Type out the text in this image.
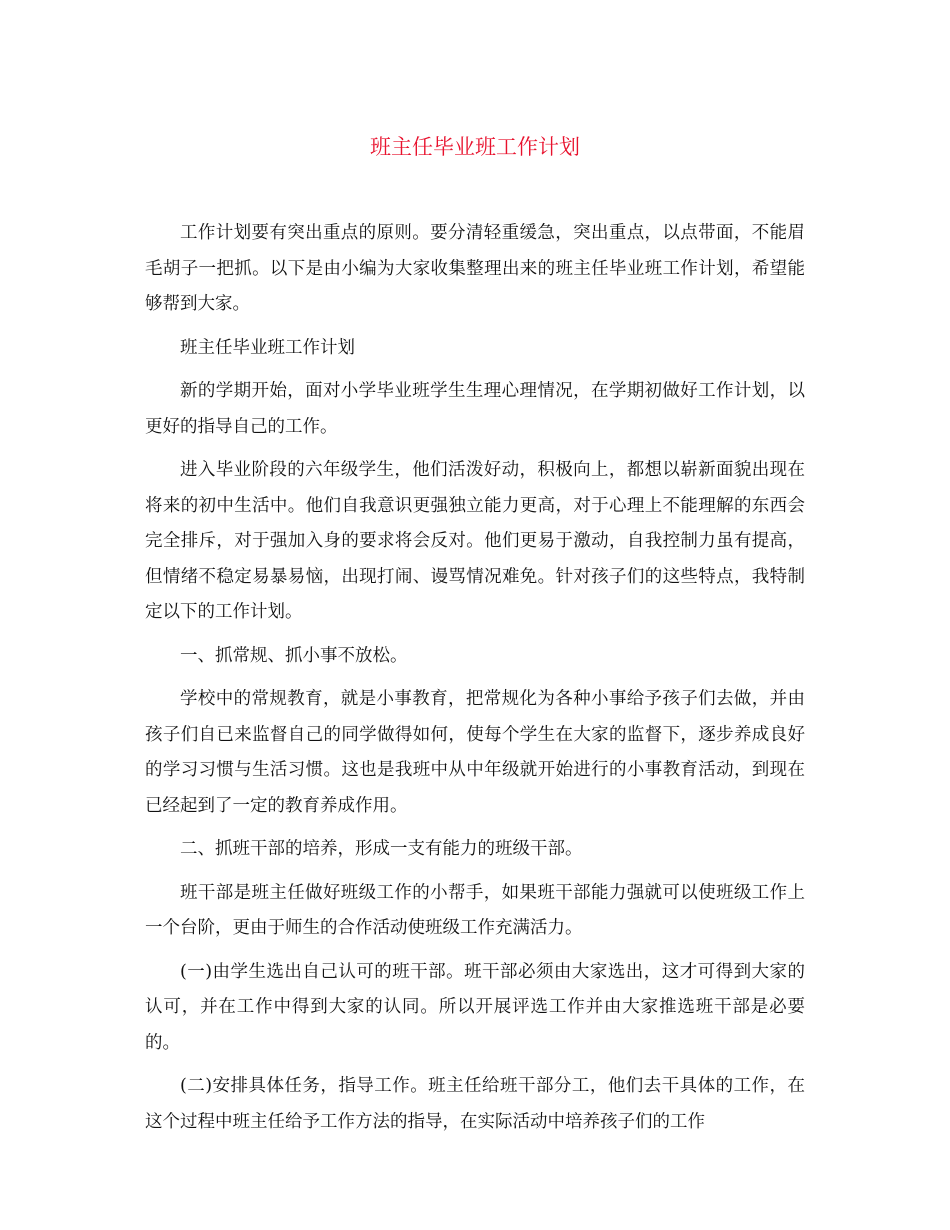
班主任毕业班工作计划

工作计划要有突出重点的原则。要分清轻重缓急，突出重点，以点带面，不能眉毛胡子一把抓。以下是由小编为大家收集整理出来的班主任毕业班工作计划，希望能够帮到大家。

班主任毕业班工作计划

新的学期开始，面对小学毕业班学生生理心理情况，在学期初做好工作计划，以更好的指导自己的工作。

进入毕业阶段的六年级学生，他们活泼好动，积极向上，都想以崭新面貌出现在将来的初中生活中。他们自我意识更强独立能力更高，对于心理上不能理解的东西会完全排斥，对于强加入身的要求将会反对。他们更易于激动，自我控制力虽有提高，但情绪不稳定易暴易恼，出现打闹、谩骂情况难免。针对孩子们的这些特点，我特制定以下的工作计划。

一、抓常规、抓小事不放松。

学校中的常规教育，就是小事教育，把常规化为各种小事给予孩子们去做，并由孩子们自已来监督自己的同学做得如何，使每个学生在大家的监督下，逐步养成良好的学习习惯与生活习惯。这也是我班中从中年级就开始进行的小事教育活动，到现在已经起到了一定的教育养成作用。

二、抓班干部的培养，形成一支有能力的班级干部。

班干部是班主任做好班级工作的小帮手，如果班干部能力强就可以使班级工作上一个台阶，更由于师生的合作活动使班级工作充满活力。

(一)由学生选出自己认可的班干部。班干部必须由大家选出，这才可得到大家的认可，并在工作中得到大家的认同。所以开展评选工作并由大家推选班干部是必要的。

(二)安排具体任务，指导工作。班主任给班干部分工，他们去干具体的工作，在这个过程中班主任给予工作方法的指导，在实际活动中培养孩子们的工作
